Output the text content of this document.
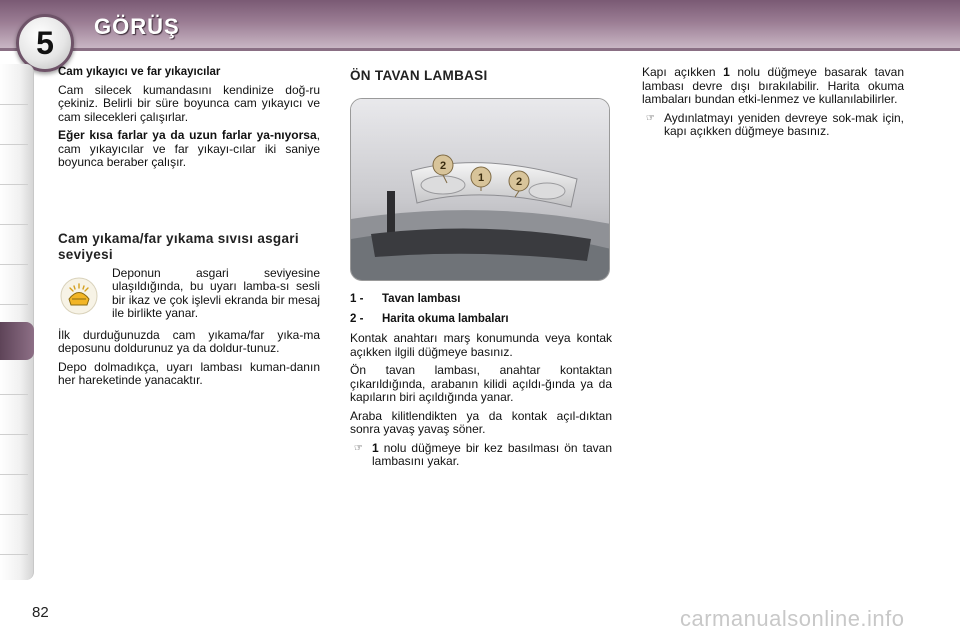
5 GÖRÜŞ
Cam yıkayıcı ve far yıkayıcılar

Cam silecek kumandasını kendinize doğ-ru çekiniz. Belirli bir süre boyunca cam yıkayıcı ve cam silecekleri çalışırlar.

Eğer kısa farlar ya da uzun farlar ya-nıyorsa, cam yıkayıcılar ve far yıkayı-cılar iki saniye boyunca beraber çalışır.

Cam yıkama/far yıkama sıvısı asgari seviyesi

Deponun asgari seviyesine ulaşıldığında, bu uyarı lamba-sı sesli bir ikaz ve çok işlevli ekranda bir mesaj ile birlikte yanar.

İlk durduğunuzda cam yıkama/far yıka-ma deposunu doldurunuz ya da doldur-tunuz.

Depo dolmadıkça, uyarı lambası kuman-danın her hareketinde yanacaktır.

ÖN TAVAN LAMBASI
1
2
2
1 -	Tavan lambası
2 -	Harita okuma lambaları

Kontak anahtarı marş konumunda veya kontak açıkken ilgili düğmeye basınız.

Ön tavan lambası, anahtar kontaktan çıkarıldığında, arabanın kilidi açıldı-ğında ya da kapıların biri açıldığında yanar.

Araba kilitlendikten ya da kontak açıl-dıktan sonra yavaş yavaş söner.

☞ 1 nolu düğmeye bir kez basılması ön tavan lambasını yakar.

Kapı açıkken 1 nolu düğmeye basarak tavan lambası devre dışı bırakılabilir. Harita okuma lambaları bundan etki-lenmez ve kullanılabilirler.

☞ Aydınlatmayı yeniden devreye sok-mak için, kapı açıkken düğmeye basınız.
82	carmanualsonline.info
